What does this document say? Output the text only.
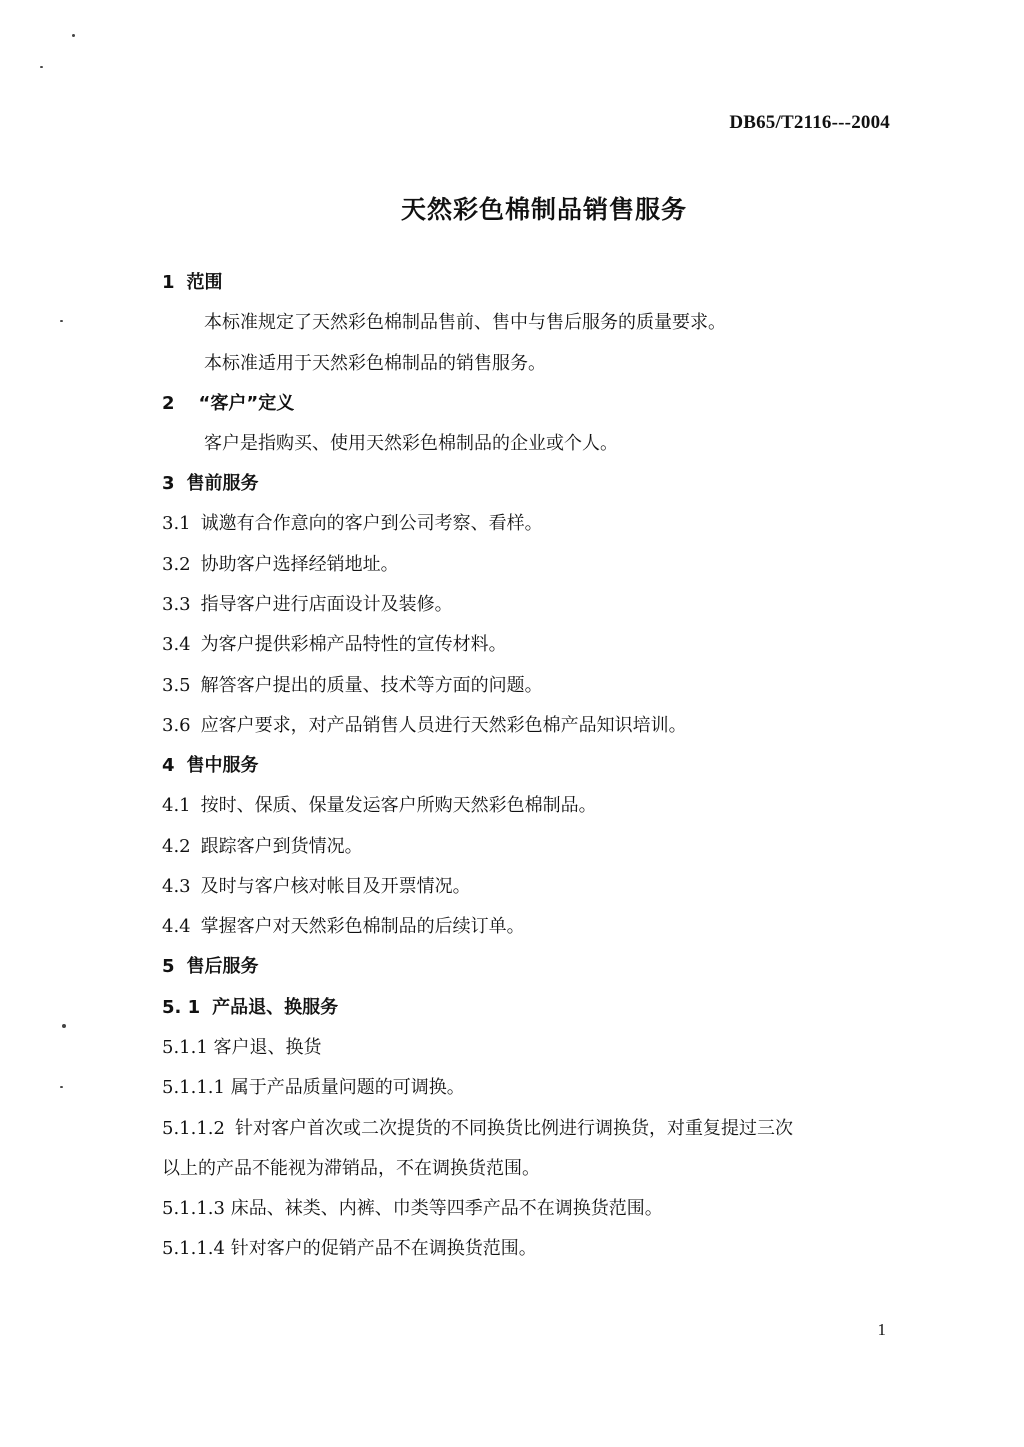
DB65/T2116---2004
天然彩色棉制品销售服务
1 范围
本标准规定了天然彩色棉制品售前、售中与售后服务的质量要求。
本标准适用于天然彩色棉制品的销售服务。
2 “客户”定义
客户是指购买、使用天然彩色棉制品的企业或个人。
3 售前服务
3.1 诚邀有合作意向的客户到公司考察、看样。
3.2 协助客户选择经销地址。
3.3 指导客户进行店面设计及装修。
3.4 为客户提供彩棉产品特性的宣传材料。
3.5 解答客户提出的质量、技术等方面的问题。
3.6 应客户要求，对产品销售人员进行天然彩色棉产品知识培训。
4 售中服务
4.1 按时、保质、保量发运客户所购天然彩色棉制品。
4.2 跟踪客户到货情况。
4.3 及时与客户核对帐目及开票情况。
4.4 掌握客户对天然彩色棉制品的后续订单。
5 售后服务
5. 1 产品退、换服务
5.1.1 客户退、换货
5.1.1.1 属于产品质量问题的可调换。
5.1.1.2 针对客户首次或二次提货的不同换货比例进行调换货，对重复提过三次
以上的产品不能视为滞销品，不在调换货范围。
5.1.1.3 床品、袜类、内裤、巾类等四季产品不在调换货范围。
5.1.1.4 针对客户的促销产品不在调换货范围。
1
